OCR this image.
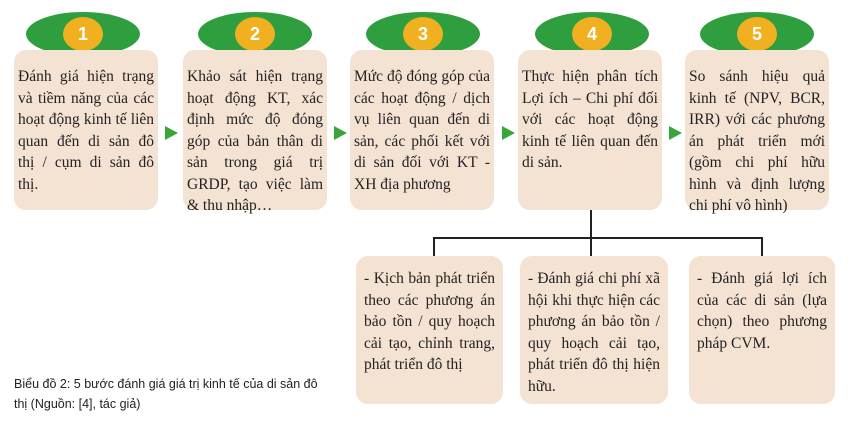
1	2	3	4	5
Đánh giá hiện trạng và tiềm năng của các hoạt động kinh tế liên quan đến di sản đô thị / cụm di sản đô thị.
Khảo sát hiện trạng hoạt động KT, xác định mức độ đóng góp của bản thân di sản trong giá trị GRDP, tạo việc làm & thu nhập…
Mức độ đóng góp của các hoạt động / dịch vụ liên quan đến di sản, các phối kết với di sản đối với KT - XH địa phương
Thực hiện phân tích Lợi ích – Chi phí đối với các hoạt động kinh tế liên quan đến di sản.
So sánh hiệu quả kinh tế (NPV, BCR, IRR) với các phương án phát triển mới (gồm chi phí hữu hình và định lượng chi phí vô hình)
- Kịch bản phát triển theo các phương án bảo tồn / quy hoạch cải tạo, chỉnh trang, phát triển đô thị
- Đánh giá chi phí xã hội khi thực hiện các phương án bảo tồn / quy hoạch cải tạo, phát triển đô thị hiện hữu.
- Đánh giá lợi ích của các di sản (lựa chọn) theo phương pháp CVM.
Biểu đồ 2: 5 bước đánh giá giá trị kinh tế của di sản đô thị (Nguồn: [4], tác giả)
